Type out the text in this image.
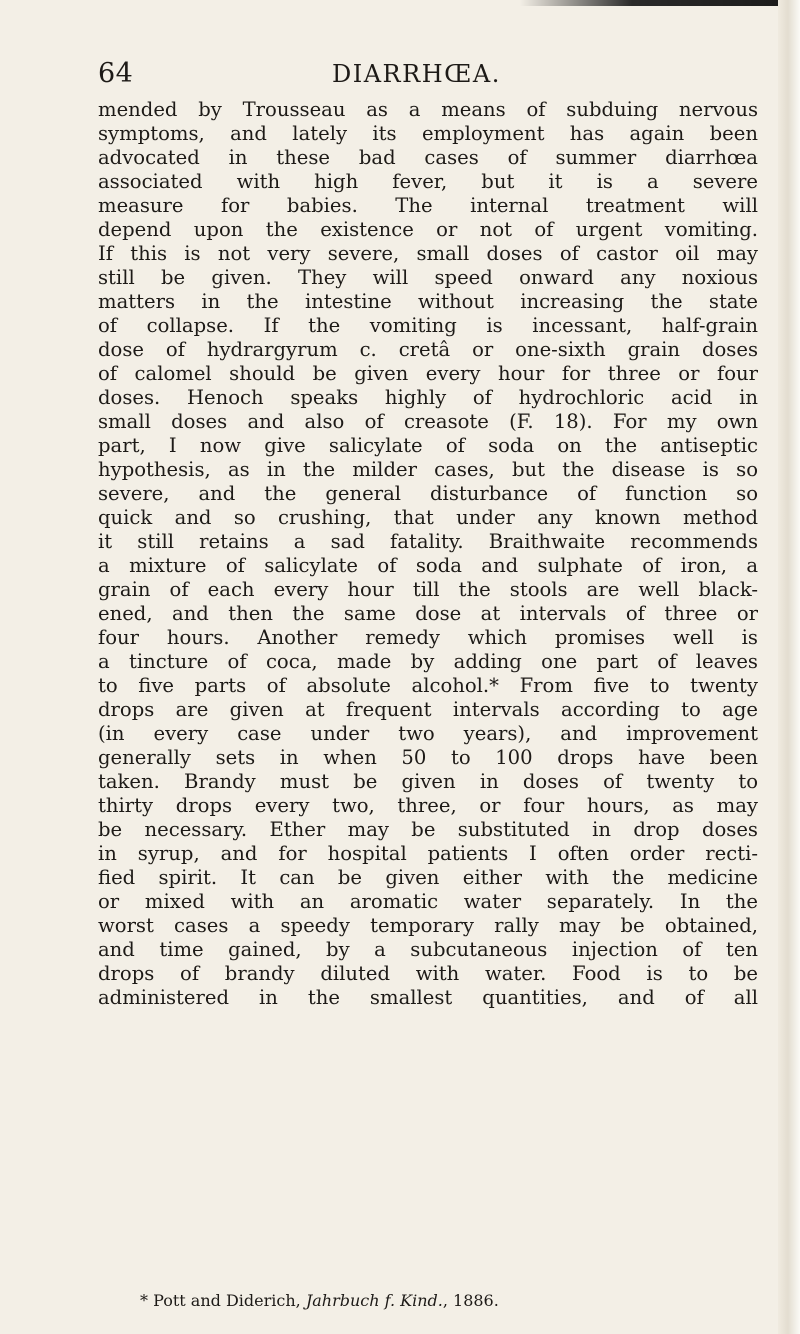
64	DIARRHŒA.
mended by Trousseau as a means of subduing nervous
symptoms, and lately its employment has again been
advocated in these bad cases of summer diarrhœa
associated with high fever, but it is a severe
measure for babies. The internal treatment will
depend upon the existence or not of urgent vomiting.
If this is not very severe, small doses of castor oil may
still be given. They will speed onward any noxious
matters in the intestine without increasing the state
of collapse. If the vomiting is incessant, half-grain
dose of hydrargyrum c. cretâ or one-sixth grain doses
of calomel should be given every hour for three or four
doses. Henoch speaks highly of hydrochloric acid in
small doses and also of creasote (F. 18). For my own
part, I now give salicylate of soda on the antiseptic
hypothesis, as in the milder cases, but the disease is so
severe, and the general disturbance of function so
quick and so crushing, that under any known method
it still retains a sad fatality. Braithwaite recommends
a mixture of salicylate of soda and sulphate of iron, a
grain of each every hour till the stools are well black-
ened, and then the same dose at intervals of three or
four hours. Another remedy which promises well is
a tincture of coca, made by adding one part of leaves
to five parts of absolute alcohol.* From five to twenty
drops are given at frequent intervals according to age
(in every case under two years), and improvement
generally sets in when 50 to 100 drops have been
taken. Brandy must be given in doses of twenty to
thirty drops every two, three, or four hours, as may
be necessary. Ether may be substituted in drop doses
in syrup, and for hospital patients I often order recti-
fied spirit. It can be given either with the medicine
or mixed with an aromatic water separately. In the
worst cases a speedy temporary rally may be obtained,
and time gained, by a subcutaneous injection of ten
drops of brandy diluted with water. Food is to be
administered in the smallest quantities, and of all
* Pott and Diderich, Jahrbuch f. Kind., 1886.
